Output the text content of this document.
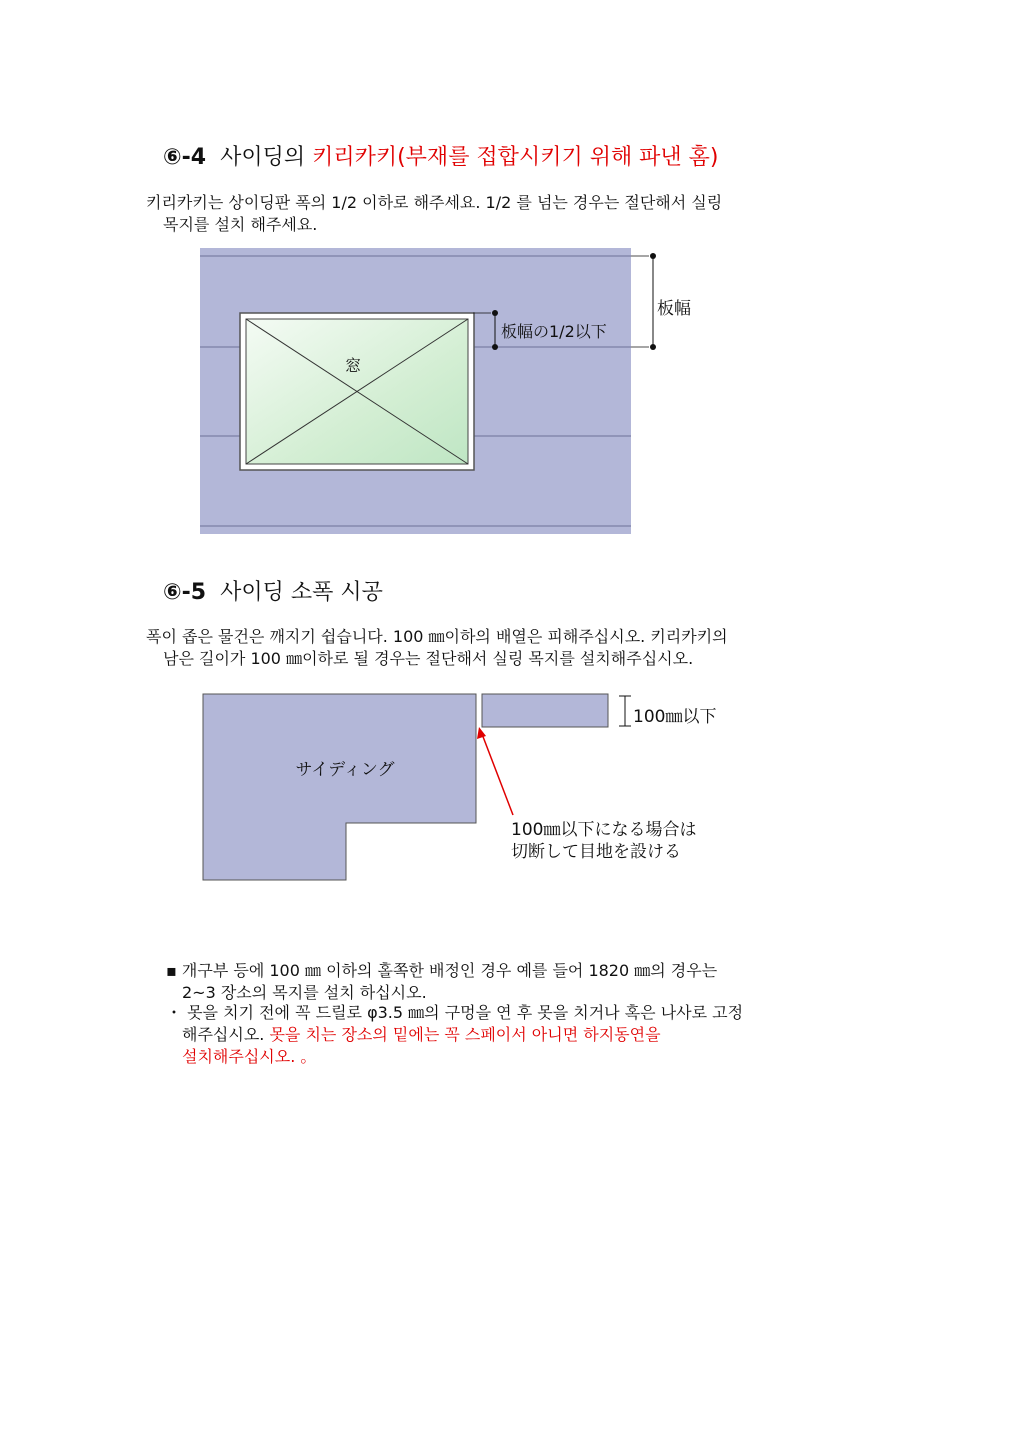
⑥-4 사이딩의 키리카키(부재를 접합시키기 위해 파낸 홈)
키리카키는 상이딩판 폭의 1/2 이하로 해주세요. 1/2 를 넘는 경우는 절단해서 실링
목지를 설치 해주세요.
窓
板幅の1/2以下
板幅
⑥-5 사이딩 소폭 시공
폭이 좁은 물건은 깨지기 쉽습니다. 100 ㎜이하의 배열은 피해주십시오. 키리카키의
남은 길이가 100 ㎜이하로 될 경우는 절단해서 실링 목지를 설치해주십시오.
サイディング
100㎜以下
100㎜以下になる場合は
切断して目地を設ける
▪ 개구부 등에 100 ㎜ 이하의 홀쪽한 배정인 경우 예를 들어 1820 ㎜의 경우는
2~3 장소의 목지를 설치 하십시오.
・ 못을 치기 전에 꼭 드릴로 φ3.5 ㎜의 구멍을 연 후 못을 치거나 혹은 나사로 고정
해주십시오. 못을 치는 장소의 밑에는 꼭 스페이서 아니면 하지동연을
설치해주십시오. 。
